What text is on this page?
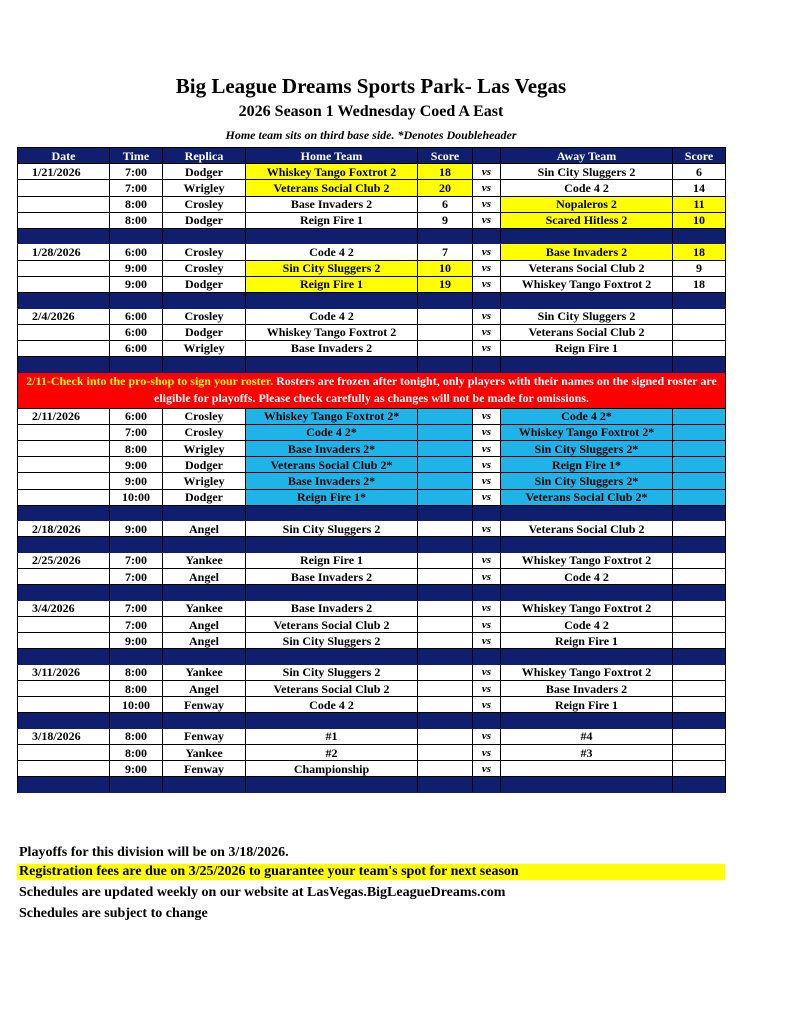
Big League Dreams Sports Park- Las Vegas
2026 Season 1 Wednesday Coed A East
Home team sits on third base side. *Denotes Doubleheader
Date	Time	Replica	Home Team	Score		Away Team	Score
1/21/2026	7:00	Dodger	Whiskey Tango Foxtrot 2	18	vs	Sin City Sluggers 2	6
	7:00	Wrigley	Veterans Social Club 2	20	vs	Code 4 2	14
	8:00	Crosley	Base Invaders 2	6	vs	Nopaleros 2	11
	8:00	Dodger	Reign Fire 1	9	vs	Scared Hitless 2	10

1/28/2026	6:00	Crosley	Code 4 2	7	vs	Base Invaders 2	18
	9:00	Crosley	Sin City Sluggers 2	10	vs	Veterans Social Club 2	9
	9:00	Dodger	Reign Fire 1	19	vs	Whiskey Tango Foxtrot 2	18

2/4/2026	6:00	Crosley	Code 4 2		vs	Sin City Sluggers 2	
	6:00	Dodger	Whiskey Tango Foxtrot 2		vs	Veterans Social Club 2	
	6:00	Wrigley	Base Invaders 2		vs	Reign Fire 1	

2/11-Check into the pro-shop to sign your roster. Rosters are frozen after tonight, only players with their names on the signed roster are eligible for playoffs. Please check carefully as changes will not be made for omissions.							
2/11/2026	6:00	Crosley	Whiskey Tango Foxtrot 2*		vs	Code 4 2*	
	7:00	Crosley	Code 4 2*		vs	Whiskey Tango Foxtrot 2*	
	8:00	Wrigley	Base Invaders 2*		vs	Sin City Sluggers 2*	
	9:00	Dodger	Veterans Social Club 2*		vs	Reign Fire 1*	
	9:00	Wrigley	Base Invaders 2*		vs	Sin City Sluggers 2*	
	10:00	Dodger	Reign Fire 1*		vs	Veterans Social Club 2*	

2/18/2026	9:00	Angel	Sin City Sluggers 2		vs	Veterans Social Club 2	

2/25/2026	7:00	Yankee	Reign Fire 1		vs	Whiskey Tango Foxtrot 2	
	7:00	Angel	Base Invaders 2		vs	Code 4 2	

3/4/2026	7:00	Yankee	Base Invaders 2		vs	Whiskey Tango Foxtrot 2	
	7:00	Angel	Veterans Social Club 2		vs	Code 4 2	
	9:00	Angel	Sin City Sluggers 2		vs	Reign Fire 1	

3/11/2026	8:00	Yankee	Sin City Sluggers 2		vs	Whiskey Tango Foxtrot 2	
	8:00	Angel	Veterans Social Club 2		vs	Base Invaders 2	
	10:00	Fenway	Code 4 2		vs	Reign Fire 1	

3/18/2026	8:00	Fenway	#1		vs	#4	
	8:00	Yankee	#2		vs	#3	
	9:00	Fenway	Championship		vs		

Playoffs for this division will be on 3/18/2026.
Registration fees are due on 3/25/2026 to guarantee your team's spot for next season
Schedules are updated weekly on our website at LasVegas.BigLeagueDreams.com
Schedules are subject to change
